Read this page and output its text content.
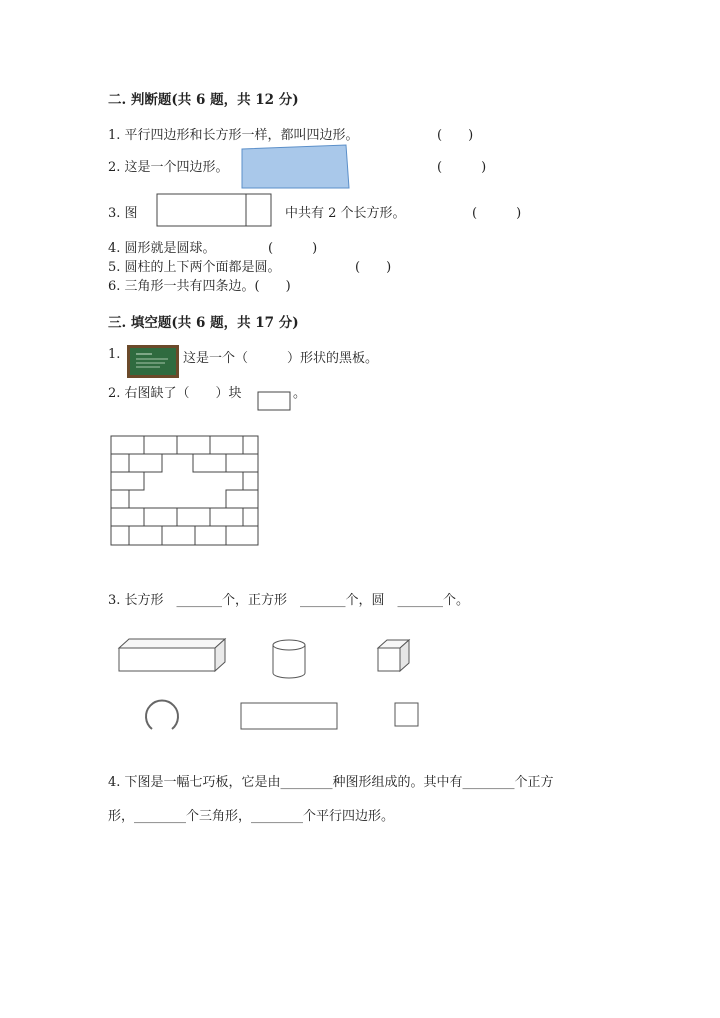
二. 判断题(共 6 题，共 12 分)
1. 平行四边形和长方形一样，都叫四边形。	(　　)
2. 这是一个四边形。	(　　　)
3. 图	中共有 2 个长方形。	(　　　)
4. 圆形就是圆球。	(　　　)
5. 圆柱的上下两个面都是圆。	(　　)
6. 三角形一共有四条边。(　　)
三. 填空题(共 6 题，共 17 分)
1.	这是一个（　　　）形状的黑板。
2. 右图缺了（　　）块	。
3. 长方形　_______个，正方形　_______个，圆　_______个。
4. 下图是一幅七巧板，它是由________种图形组成的。其中有________个正方
形，________个三角形，________个平行四边形。
